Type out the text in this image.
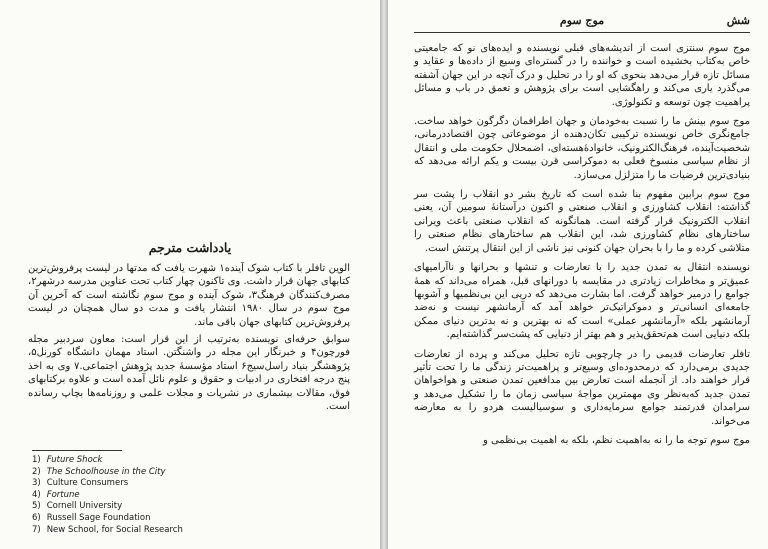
یادداشت مترجم

الوین تافلر با کتاب شوک آینده۱ شهرت یافت که مدتها در لیست پرفروش‌ترین کتابهای جهان قرار داشت. وی تاکنون چهار کتاب تحت عناوین مدرسه درشهر۲، مصرف‌کنندگان فرهنگ۳، شوک آینده و موج سوم نگاشته است که آخرین آن موج سوم در سال ۱۹۸۰ انتشار یافت و مدت دو سال همچنان در لیست پرفروش‌ترین کتابهای جهان باقی ماند.

سوابق حرفه‌ای نویسنده به‌ترتیب از این قرار است: معاون سردبیر مجله فورچون۴ و خبرنگار این مجله در واشنگتن. استاد مهمان دانشگاه کورنل۵، پژوهشگر بنیاد راسل‌سیج۶ استاد مؤسسهٔ جدید پژوهش اجتماعی.۷ وی به اخذ پنج درجه افتخاری در ادبیات و حقوق و علوم نائل آمده است و علاوه برکتابهای فوق، مقالات بیشماری در نشریات و مجلات علمی و روزنامه‌ها بچاپ رسانده است.

1) Future Shock
2) The Schoolhouse in the City
3) Culture Consumers
4) Fortune
5) Cornell University
6) Russell Sage Foundation
7) New School, for Social Research
شش
موج سوم

موج سوم سنتزی است از اندیشه‌های قبلی نویسنده و ایده‌های نو که جامعیتی خاص به‌کتاب بخشیده است و خواننده را در گستره‌ای وسیع از داده‌ها و عقاید و مسائل تازه قرار می‌دهد بنحوی که او را در تحلیل و درک آنچه در این جهان آشفته می‌گذرد یاری می‌کند و راهگشایی است برای پژوهش و تعمق در باب و مسائل پراهمیت چون توسعه و تکنولوژی.

موج سوم بینش ما را نسبت به‌خودمان و جهان اطرافمان دگرگون خواهد ساخت. جامع‌نگری خاص نویسنده ترکیبی تکان‌دهنده از موضوعاتی چون اقتصاددرمانی، شخصیت‌آینده، فرهنگ‌الکترونیک، خانوادهٔ‌هسته‌ای، اضمحلال حکومت ملی و انتقال از نظام سیاسی منسوخ فعلی به دموکراسی قرن بیست و یکم ارائه می‌دهد که بنیادی‌ترین فرضیات ما را متزلزل می‌سازد.

موج سوم برابین مفهوم بنا شده است که تاریخ بشر دو انقلاب را پشت سر گذاشته: انقلاب کشاورزی و انقلاب صنعتی و اکنون درآستانهٔ سومین آن، یعنی انقلاب الکترونیک قرار گرفته است. همانگونه که انقلاب صنعتی باعث ویرانی ساختارهای نظام کشاورزی شد، این انقلاب هم ساختارهای نظام صنعتی را متلاشی کرده و ما را با بحران جهان کنونی نیز ناشی از این انتقال پرتنش است.

نویسنده انتقال به تمدن جدید را با تعارضات و تنشها و بحرانها و ناآرامیهای عمیق‌تر و مخاطرات زیادتری در مقایسه با دورانهای قبل، همراه می‌داند که همهٔ جوامع را درمیر خواهد گرفت. اما بشارت می‌دهد که دریی این بی‌نظمیها و آشوبها جامعه‌ای انسانی‌تر و دموکراتیک‌تر خواهد آمد که آرمانشهر نیست و نه‌ضد آرمانشهر بلکه «آرمانشهر عملی» است که نه بهترین و نه بدترین دنیای ممکن بلکه دنیایی است هم‌تحقق‌پذیر و هم بهتر از دنیایی که پشت‌سر گذاشته‌ایم.

تافلر تعارضات قدیمی را در چارچوبی تازه تحلیل می‌کند و پرده از تعارضات جدیدی برمی‌دارد که درمحدوده‌ای وسیع‌تر و پراهمیت‌تر زندگی ما را تحت تأثیر قرار خواهند داد. از آنجمله است تعارض بین مدافعین تمدن صنعتی و هواخواهان تمدن جدید که‌به‌نظر وی مهمترین مواجهٔ سیاسی زمان ما را تشکیل می‌دهد و سرامدان قدرتمند جوامع سرمایه‌داری و سوسیالیست هردو را به معارضه می‌خواند.

موج سوم توجه ما را نه به‌اهمیت نظم، بلکه به اهمیت بی‌نظمی و
